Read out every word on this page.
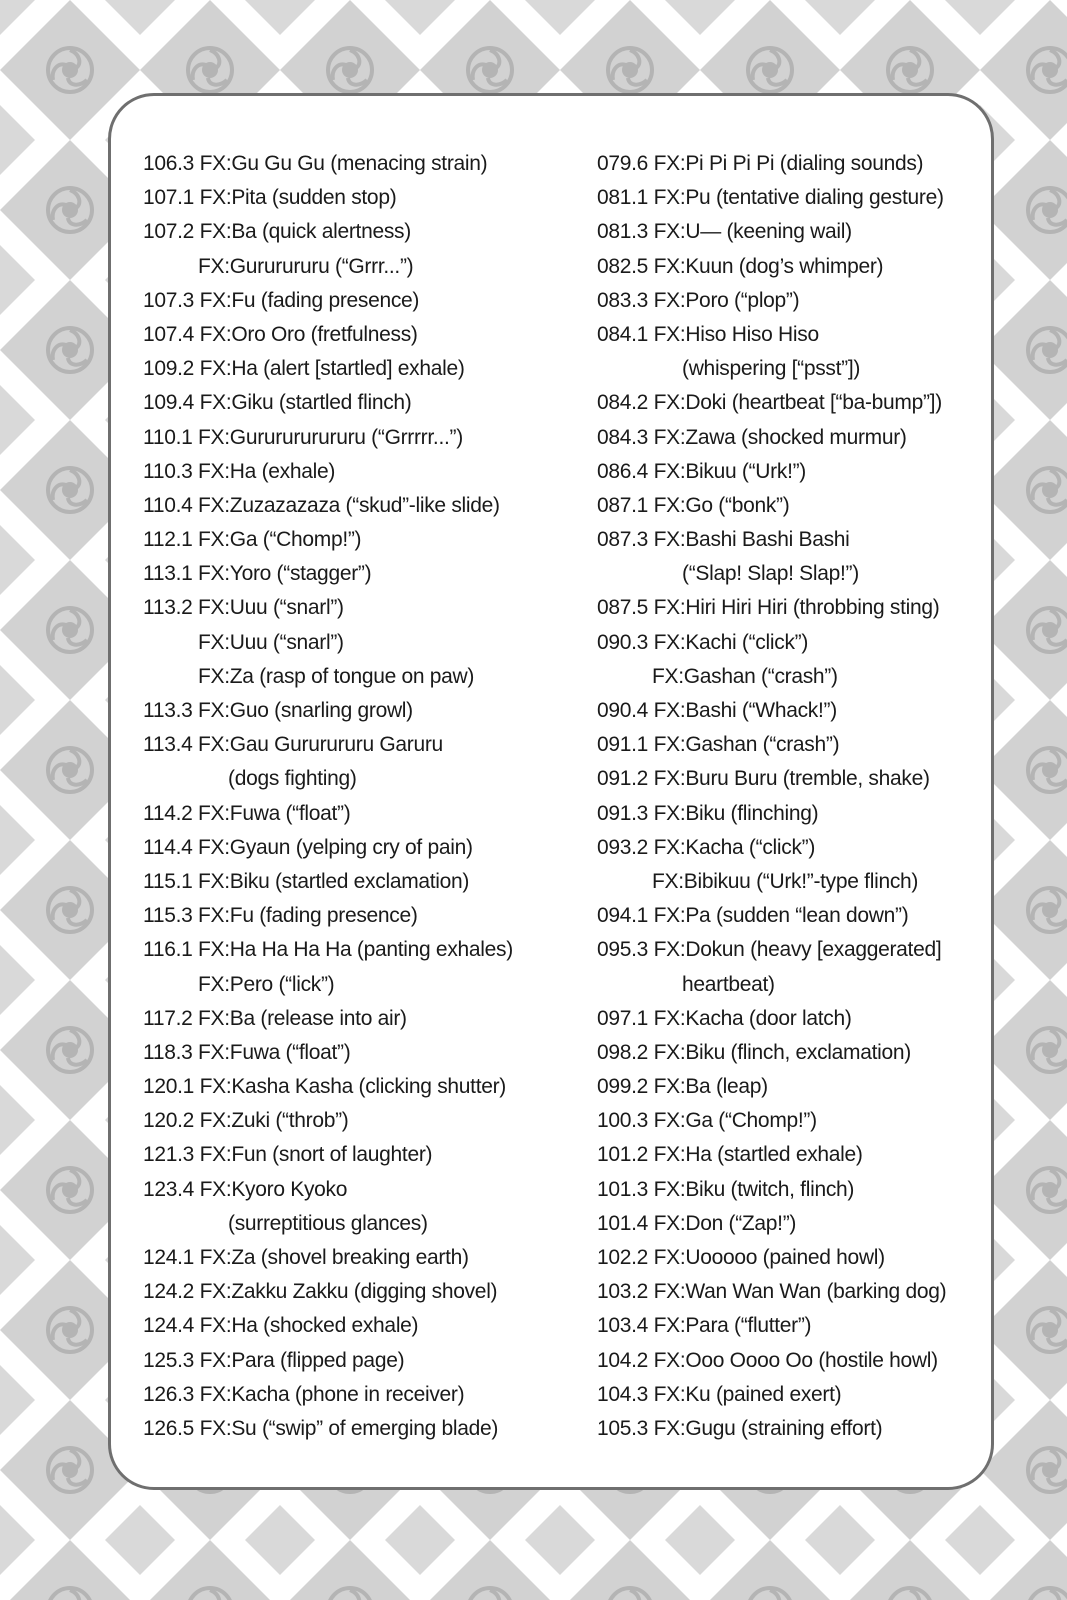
106.3 FX:Gu Gu Gu (menacing strain)
107.1 FX:Pita (sudden stop)
107.2 FX:Ba (quick alertness)
FX:Gururururu (“Grrr...”)
107.3 FX:Fu (fading presence)
107.4 FX:Oro Oro (fretfulness)
109.2 FX:Ha (alert [startled] exhale)
109.4 FX:Giku (startled flinch)
110.1 FX:Gururururururu (“Grrrrr...”)
110.3 FX:Ha (exhale)
110.4 FX:Zuzazazaza (“skud”-like slide)
112.1 FX:Ga (“Chomp!”)
113.1 FX:Yoro (“stagger”)
113.2 FX:Uuu (“snarl”)
FX:Uuu (“snarl”)
FX:Za (rasp of tongue on paw)
113.3 FX:Guo (snarling growl)
113.4 FX:Gau Gururururu Garuru
(dogs fighting)
114.2 FX:Fuwa (“float”)
114.4 FX:Gyaun (yelping cry of pain)
115.1 FX:Biku (startled exclamation)
115.3 FX:Fu (fading presence)
116.1 FX:Ha Ha Ha Ha (panting exhales)
FX:Pero (“lick”)
117.2 FX:Ba (release into air)
118.3 FX:Fuwa (“float”)
120.1 FX:Kasha Kasha (clicking shutter)
120.2 FX:Zuki (“throb”)
121.3 FX:Fun (snort of laughter)
123.4 FX:Kyoro Kyoko
(surreptitious glances)
124.1 FX:Za (shovel breaking earth)
124.2 FX:Zakku Zakku (digging shovel)
124.4 FX:Ha (shocked exhale)
125.3 FX:Para (flipped page)
126.3 FX:Kacha (phone in receiver)
126.5 FX:Su (“swip” of emerging blade)
079.6 FX:Pi Pi Pi Pi (dialing sounds)
081.1 FX:Pu (tentative dialing gesture)
081.3 FX:U— (keening wail)
082.5 FX:Kuun (dog’s whimper)
083.3 FX:Poro (“plop”)
084.1 FX:Hiso Hiso Hiso
(whispering [“psst”])
084.2 FX:Doki (heartbeat [“ba-bump”])
084.3 FX:Zawa (shocked murmur)
086.4 FX:Bikuu (“Urk!”)
087.1 FX:Go (“bonk”)
087.3 FX:Bashi Bashi Bashi
(“Slap! Slap! Slap!”)
087.5 FX:Hiri Hiri Hiri (throbbing sting)
090.3 FX:Kachi (“click”)
FX:Gashan (“crash”)
090.4 FX:Bashi (“Whack!”)
091.1 FX:Gashan (“crash”)
091.2 FX:Buru Buru (tremble, shake)
091.3 FX:Biku (flinching)
093.2 FX:Kacha (“click”)
FX:Bibikuu (“Urk!”-type flinch)
094.1 FX:Pa (sudden “lean down”)
095.3 FX:Dokun (heavy [exaggerated]
heartbeat)
097.1 FX:Kacha (door latch)
098.2 FX:Biku (flinch, exclamation)
099.2 FX:Ba (leap)
100.3 FX:Ga (“Chomp!”)
101.2 FX:Ha (startled exhale)
101.3 FX:Biku (twitch, flinch)
101.4 FX:Don (“Zap!”)
102.2 FX:Uooooo (pained howl)
103.2 FX:Wan Wan Wan (barking dog)
103.4 FX:Para (“flutter”)
104.2 FX:Ooo Oooo Oo (hostile howl)
104.3 FX:Ku (pained exert)
105.3 FX:Gugu (straining effort)
